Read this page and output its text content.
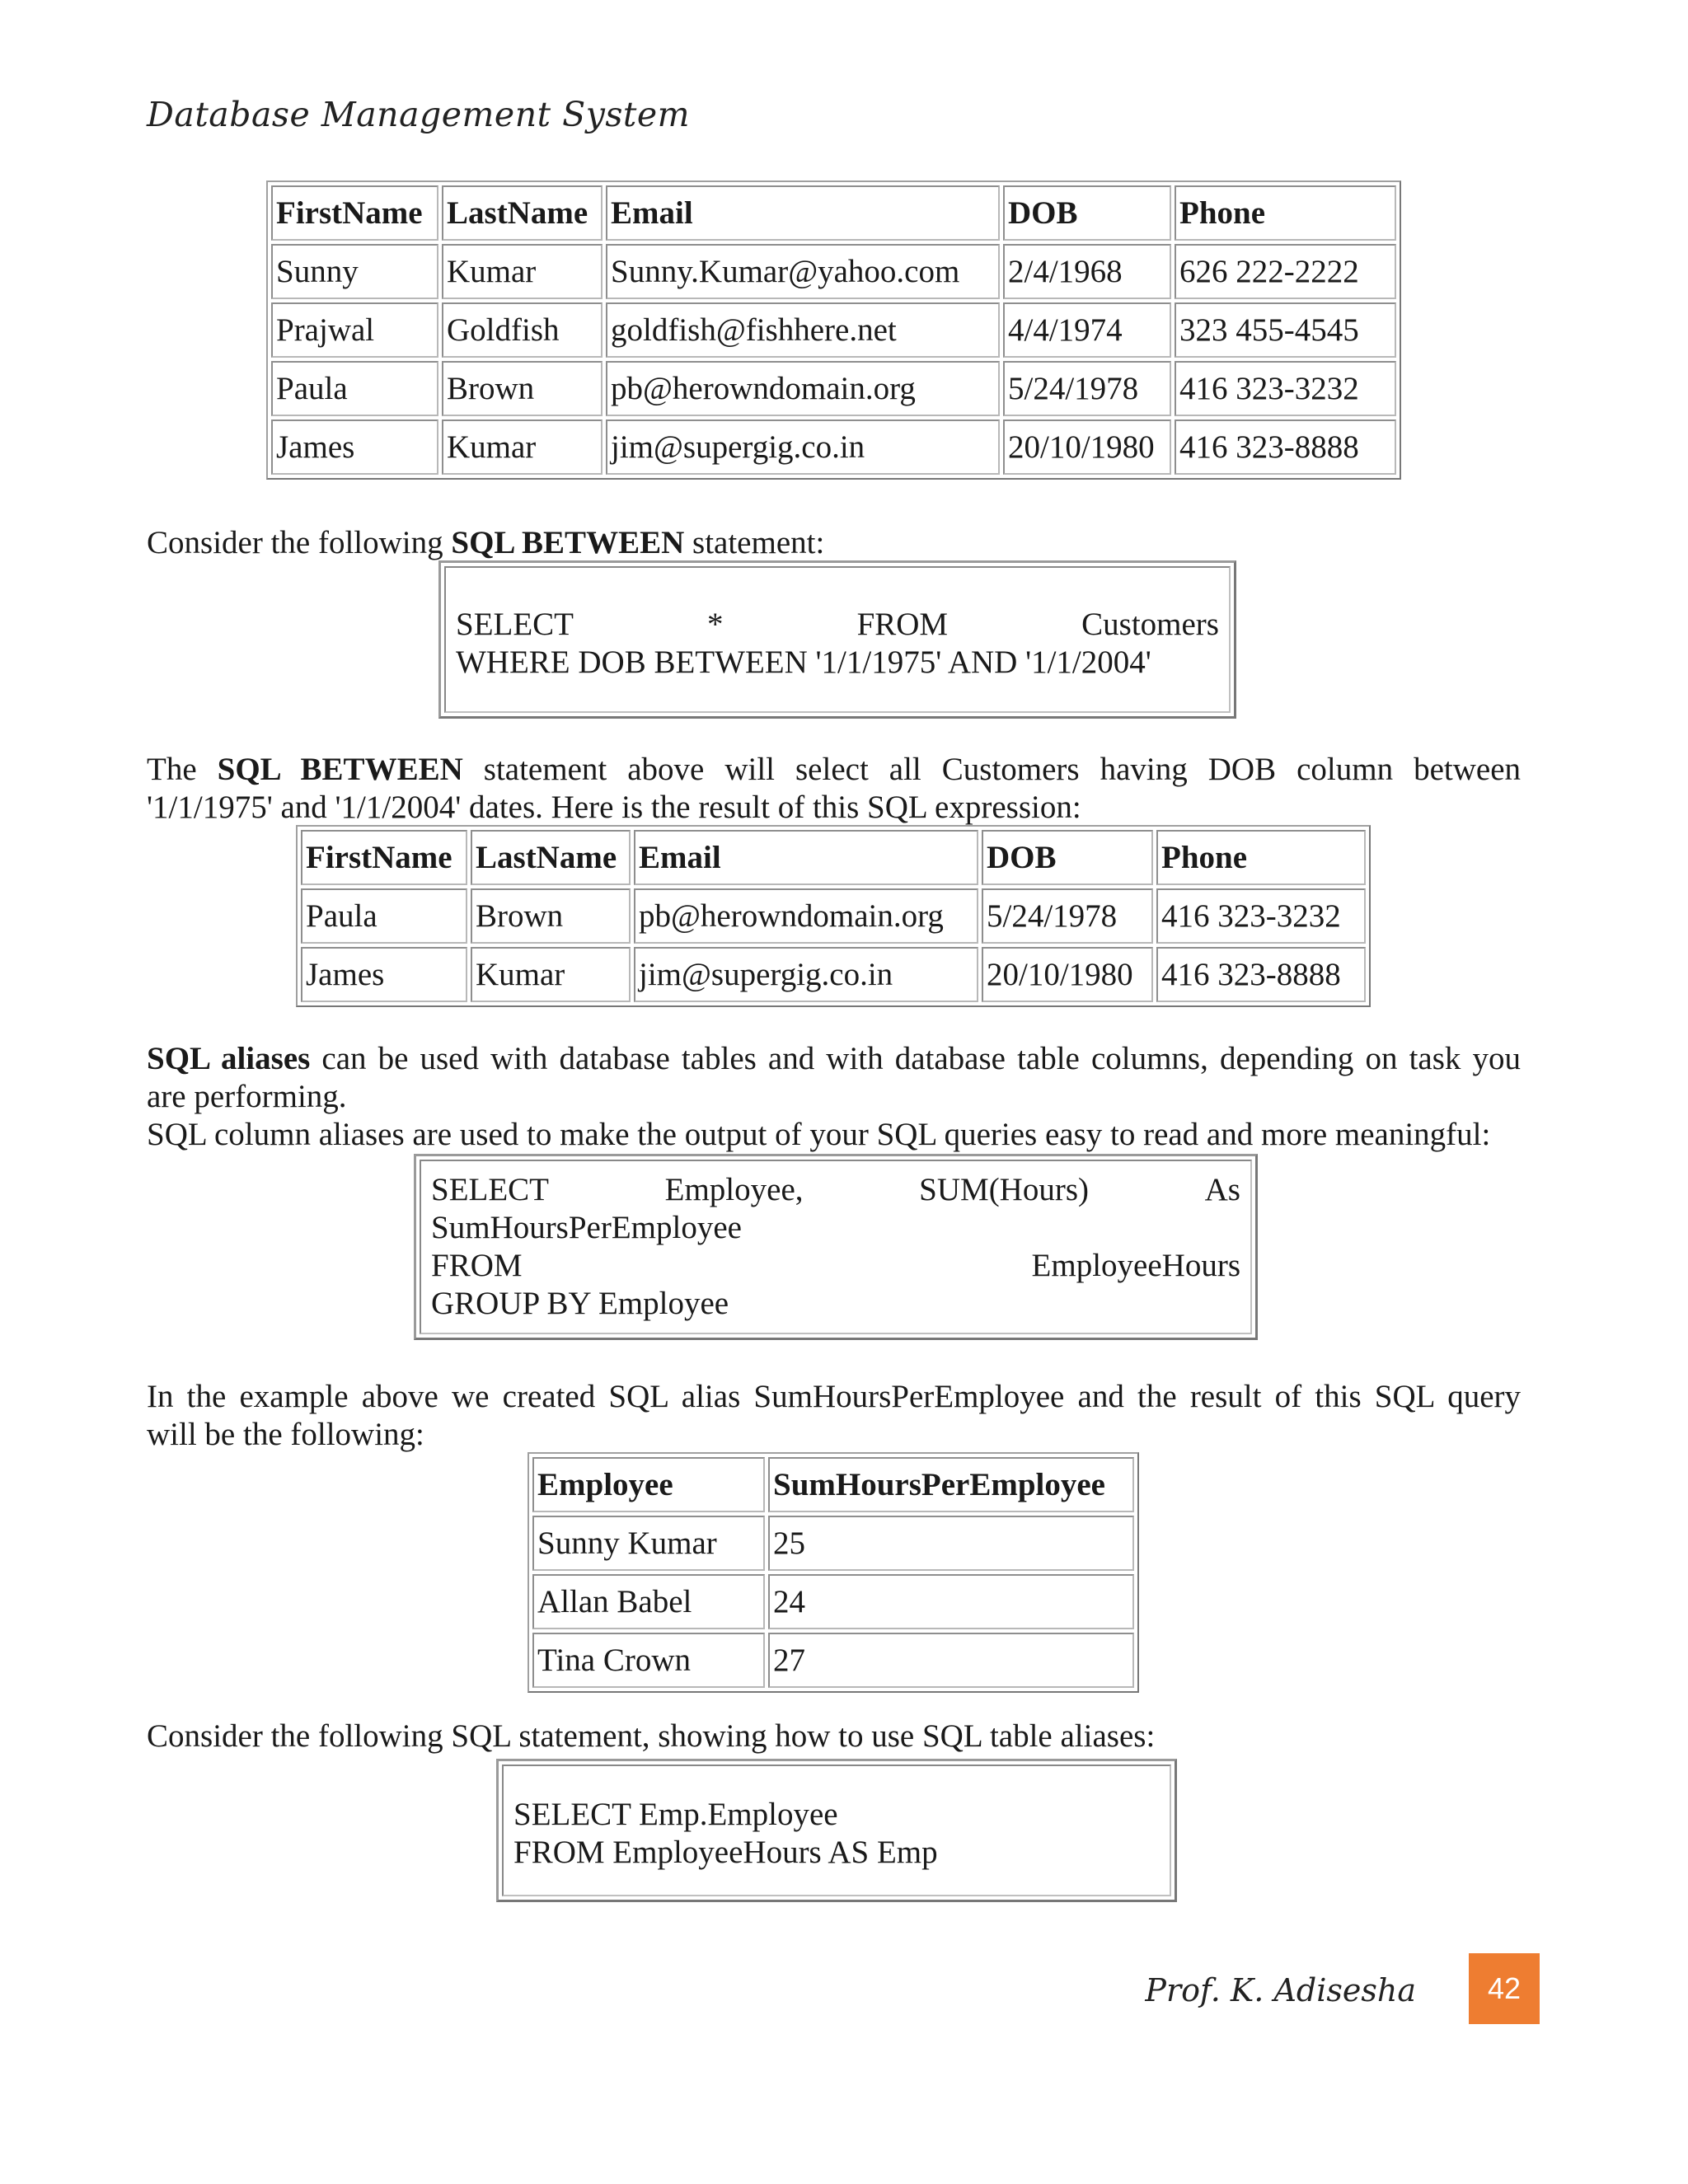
Database Management System
FirstName	LastName	Email	DOB	Phone
Sunny	Kumar	Sunny.Kumar@yahoo.com	2/4/1968	626 222-2222
Prajwal	Goldfish	goldfish@fishhere.net	4/4/1974	323 455-4545
Paula	Brown	pb@herowndomain.org	5/24/1978	416 323-3232
James	Kumar	jim@supergig.co.in	20/10/1980	416 323-8888
Consider the following SQL BETWEEN statement:
SELECT	*	FROM	Customers
WHERE DOB BETWEEN '1/1/1975' AND '1/1/2004'
The SQL BETWEEN statement above will select all Customers having DOB column between
'1/1/1975' and '1/1/2004' dates. Here is the result of this SQL expression:
FirstName	LastName	Email	DOB	Phone
Paula	Brown	pb@herowndomain.org	5/24/1978	416 323-3232
James	Kumar	jim@supergig.co.in	20/10/1980	416 323-8888
SQL aliases can be used with database tables and with database table columns, depending on task you
are performing.
SQL column aliases are used to make the output of your SQL queries easy to read and more meaningful:
SELECT	Employee,	SUM(Hours)	As
SumHoursPerEmployee
FROM	EmployeeHours
GROUP BY Employee
In the example above we created SQL alias SumHoursPerEmployee and the result of this SQL query
will be the following:
Employee	SumHoursPerEmployee
Sunny Kumar	25
Allan Babel	24
Tina Crown	27
Consider the following SQL statement, showing how to use SQL table aliases:
SELECT Emp.Employee
FROM EmployeeHours AS Emp
Prof. K. Adisesha	42
